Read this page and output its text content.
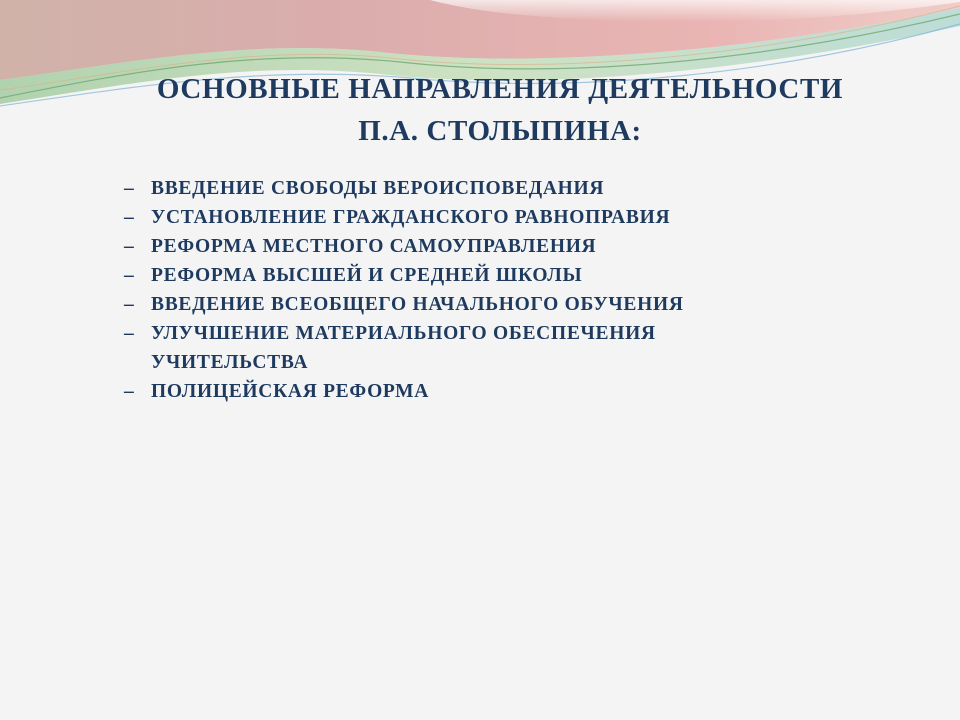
ОСНОВНЫЕ НАПРАВЛЕНИЯ ДЕЯТЕЛЬНОСТИ
П.А. СТОЛЫПИНА:
– ВВЕДЕНИЕ СВОБОДЫ ВЕРОИСПОВЕДАНИЯ
– УСТАНОВЛЕНИЕ ГРАЖДАНСКОГО РАВНОПРАВИЯ
– РЕФОРМА МЕСТНОГО САМОУПРАВЛЕНИЯ
– РЕФОРМА ВЫСШЕЙ И СРЕДНЕЙ ШКОЛЫ
– ВВЕДЕНИЕ ВСЕОБЩЕГО НАЧАЛЬНОГО ОБУЧЕНИЯ
– УЛУЧШЕНИЕ МАТЕРИАЛЬНОГО ОБЕСПЕЧЕНИЯ УЧИТЕЛЬСТВА
– ПОЛИЦЕЙСКАЯ РЕФОРМА
